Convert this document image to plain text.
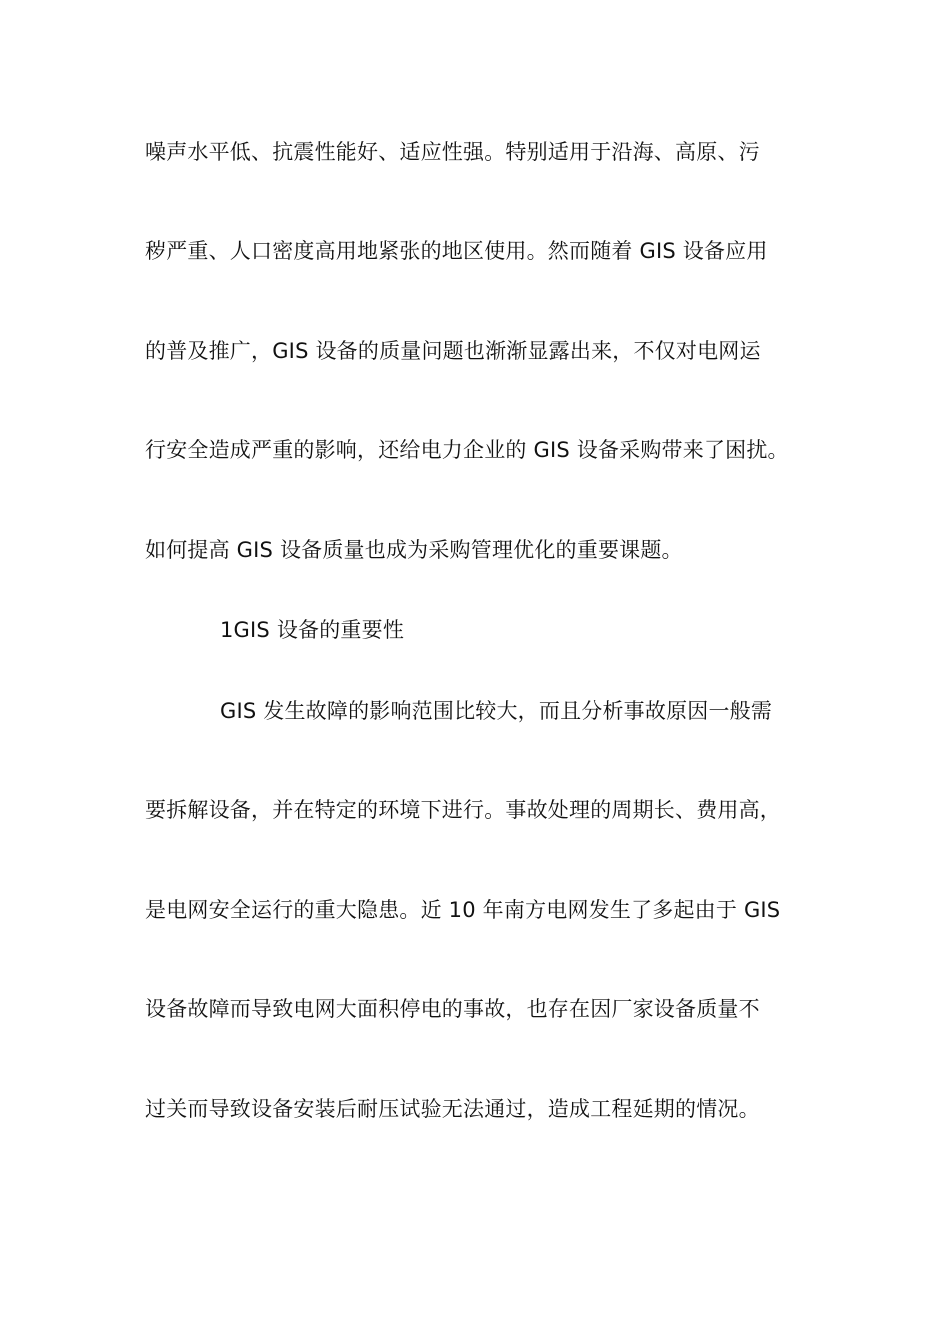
噪声水平低、抗震性能好、适应性强。特别适用于沿海、高原、污
秽严重、人口密度高用地紧张的地区使用。然而随着 GIS 设备应用
的普及推广，GIS 设备的质量问题也渐渐显露出来，不仅对电网运
行安全造成严重的影响，还给电力企业的 GIS 设备采购带来了困扰。
如何提高 GIS 设备质量也成为采购管理优化的重要课题。
1GIS 设备的重要性
GIS 发生故障的影响范围比较大，而且分析事故原因一般需
要拆解设备，并在特定的环境下进行。事故处理的周期长、费用高，
是电网安全运行的重大隐患。近 10 年南方电网发生了多起由于 GIS
设备故障而导致电网大面积停电的事故，也存在因厂家设备质量不
过关而导致设备安装后耐压试验无法通过，造成工程延期的情况。
